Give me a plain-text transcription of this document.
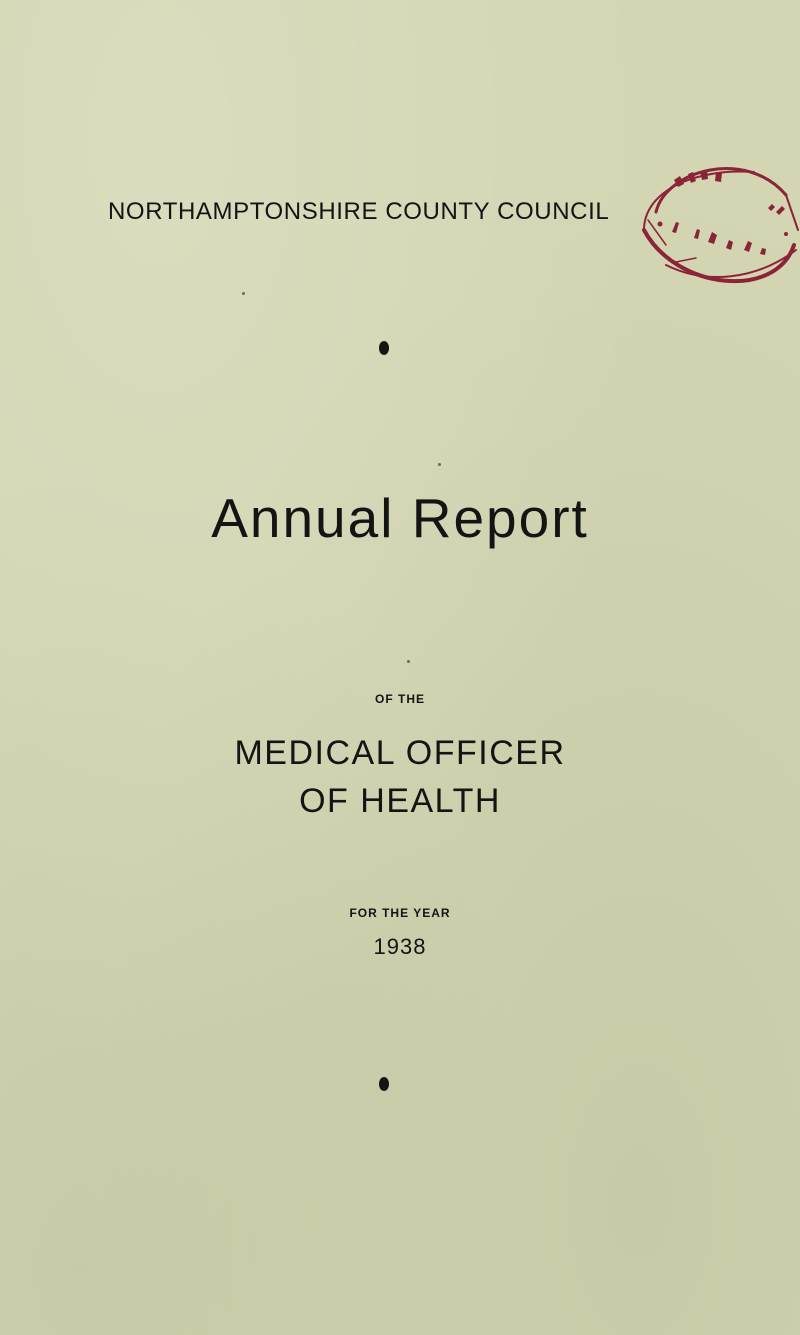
NORTHAMPTONSHIRE COUNTY COUNCIL
Annual Report
OF THE
MEDICAL OFFICER
OF HEALTH
FOR THE YEAR
1938
